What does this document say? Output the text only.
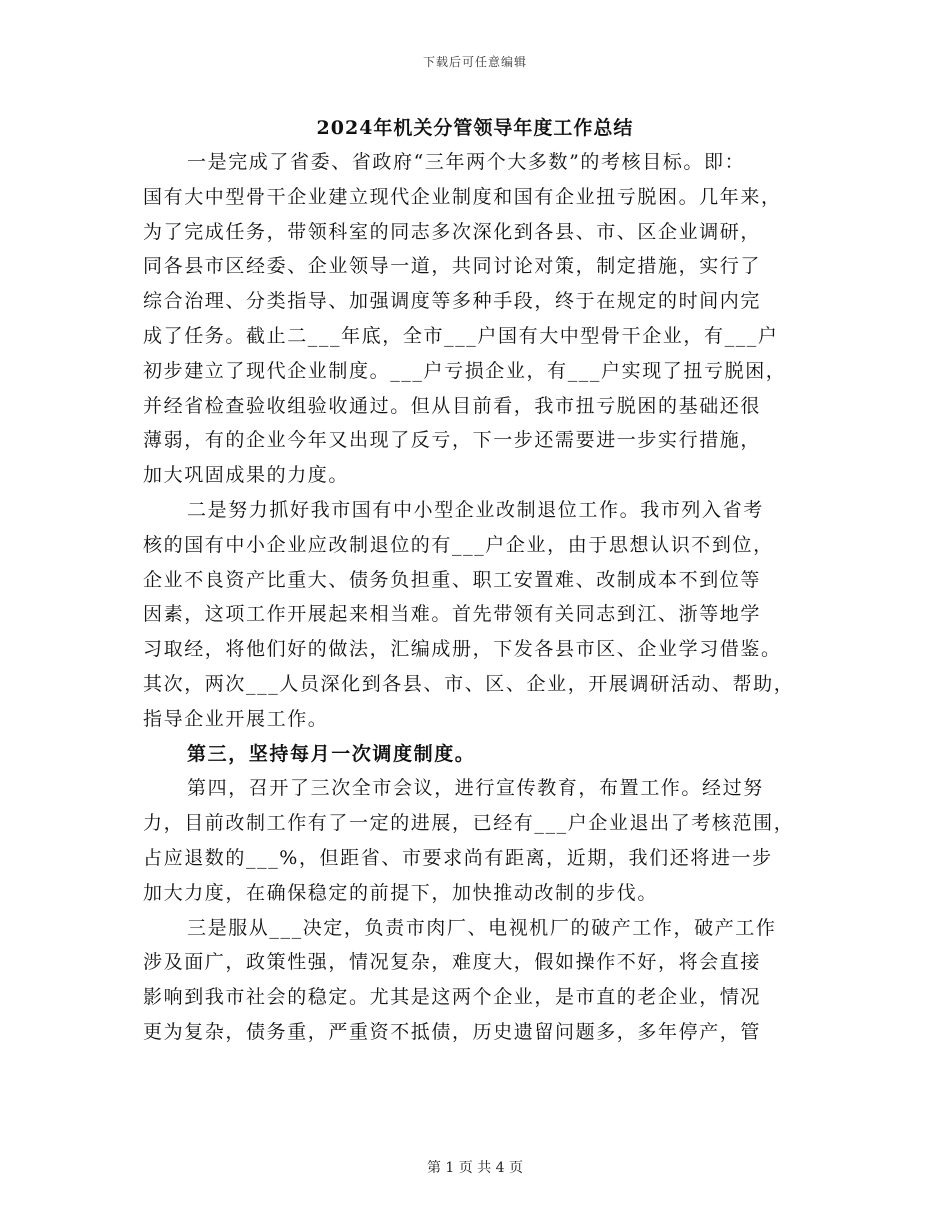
下载后可任意编辑
2024年机关分管领导年度工作总结
一是完成了省委、省政府“三年两个大多数”的考核目标。即：
国有大中型骨干企业建立现代企业制度和国有企业扭亏脱困。几年来，
为了完成任务，带领科室的同志多次深化到各县、市、区企业调研，
同各县市区经委、企业领导一道，共同讨论对策，制定措施，实行了
综合治理、分类指导、加强调度等多种手段，终于在规定的时间内完
成了任务。截止二___年底，全市___户国有大中型骨干企业，有___户
初步建立了现代企业制度。___户亏损企业，有___户实现了扭亏脱困，
并经省检查验收组验收通过。但从目前看，我市扭亏脱困的基础还很
薄弱，有的企业今年又出现了反亏，下一步还需要进一步实行措施，
加大巩固成果的力度。
二是努力抓好我市国有中小型企业改制退位工作。我市列入省考
核的国有中小企业应改制退位的有___户企业，由于思想认识不到位，
企业不良资产比重大、债务负担重、职工安置难、改制成本不到位等
因素，这项工作开展起来相当难。首先带领有关同志到江、浙等地学
习取经，将他们好的做法，汇编成册，下发各县市区、企业学习借鉴。
其次，两次___人员深化到各县、市、区、企业，开展调研活动、帮助，
指导企业开展工作。
第三，坚持每月一次调度制度。
第四，召开了三次全市会议，进行宣传教育，布置工作。经过努
力，目前改制工作有了一定的进展，已经有___户企业退出了考核范围，
占应退数的___%，但距省、市要求尚有距离，近期，我们还将进一步
加大力度，在确保稳定的前提下，加快推动改制的步伐。
三是服从___决定，负责市肉厂、电视机厂的破产工作，破产工作
涉及面广，政策性强，情况复杂，难度大，假如操作不好，将会直接
影响到我市社会的稳定。尤其是这两个企业，是市直的老企业，情况
更为复杂，债务重，严重资不抵债，历史遗留问题多，多年停产，管
第 1 页 共 4 页
